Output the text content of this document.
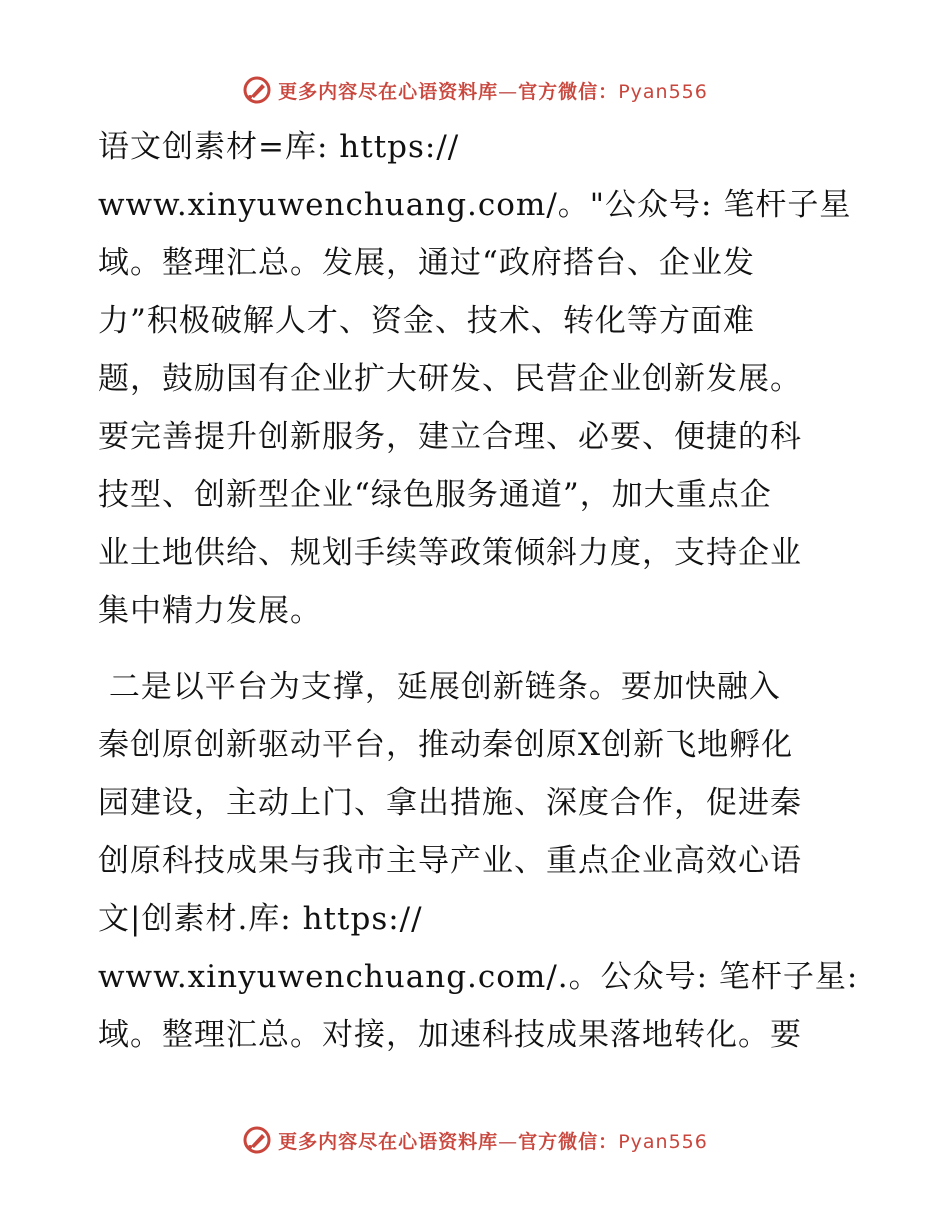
更多内容尽在心语资料库—官方微信：Pyan556
语文创素材=库: https://
www.xinyuwenchuang.com/。"公众号: 笔杆子星
域。整理汇总。发展，通过“政府搭台、企业发
力”积极破解人才、资金、技术、转化等方面难
题，鼓励国有企业扩大研发、民营企业创新发展。
要完善提升创新服务，建立合理、必要、便捷的科
技型、创新型企业“绿色服务通道”，加大重点企
业土地供给、规划手续等政策倾斜力度，支持企业
集中精力发展。
二是以平台为支撑，延展创新链条。要加快融入
秦创原创新驱动平台，推动秦创原X创新飞地孵化
园建设，主动上门、拿出措施、深度合作，促进秦
创原科技成果与我市主导产业、重点企业高效心语
文|创素材.库: https://
www.xinyuwenchuang.com/.。公众号: 笔杆子星:
域。整理汇总。对接，加速科技成果落地转化。要
更多内容尽在心语资料库—官方微信：Pyan556
